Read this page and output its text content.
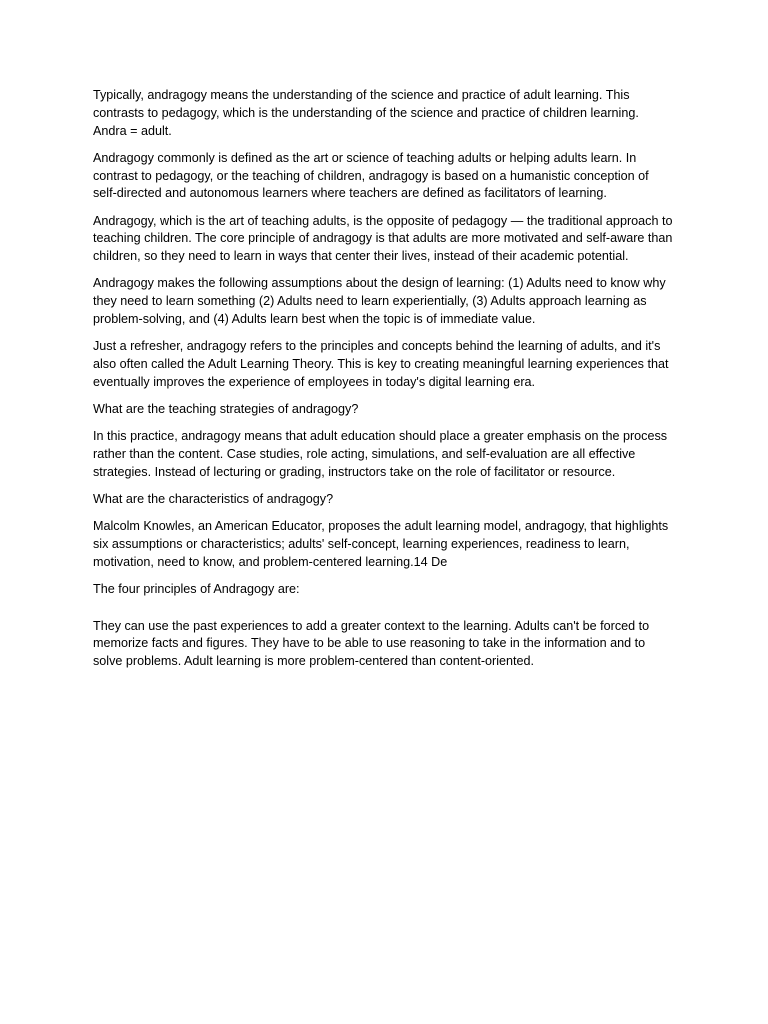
Typically, andragogy means the understanding of the science and practice of adult learning. This contrasts to pedagogy, which is the understanding of the science and practice of children learning. Andra = adult.

Andragogy commonly is defined as the art or science of teaching adults or helping adults learn. In contrast to pedagogy, or the teaching of children, andragogy is based on a humanistic conception of self-directed and autonomous learners where teachers are defined as facilitators of learning.

Andragogy, which is the art of teaching adults, is the opposite of pedagogy — the traditional approach to teaching children. The core principle of andragogy is that adults are more motivated and self-aware than children, so they need to learn in ways that center their lives, instead of their academic potential.

Andragogy makes the following assumptions about the design of learning: (1) Adults need to know why they need to learn something (2) Adults need to learn experientially, (3) Adults approach learning as problem-solving, and (4) Adults learn best when the topic is of immediate value.

Just a refresher, andragogy refers to the principles and concepts behind the learning of adults, and it's also often called the Adult Learning Theory. This is key to creating meaningful learning experiences that eventually improves the experience of employees in today's digital learning era.

What are the teaching strategies of andragogy?

In this practice, andragogy means that adult education should place a greater emphasis on the process rather than the content. Case studies, role acting, simulations, and self-evaluation are all effective strategies. Instead of lecturing or grading, instructors take on the role of facilitator or resource.

What are the characteristics of andragogy?

Malcolm Knowles, an American Educator, proposes the adult learning model, andragogy, that highlights six assumptions or characteristics; adults' self-concept, learning experiences, readiness to learn, motivation, need to know, and problem-centered learning.14 De

The four principles of Andragogy are:

They can use the past experiences to add a greater context to the learning. Adults can't be forced to memorize facts and figures. They have to be able to use reasoning to take in the information and to solve problems. Adult learning is more problem-centered than content-oriented.
